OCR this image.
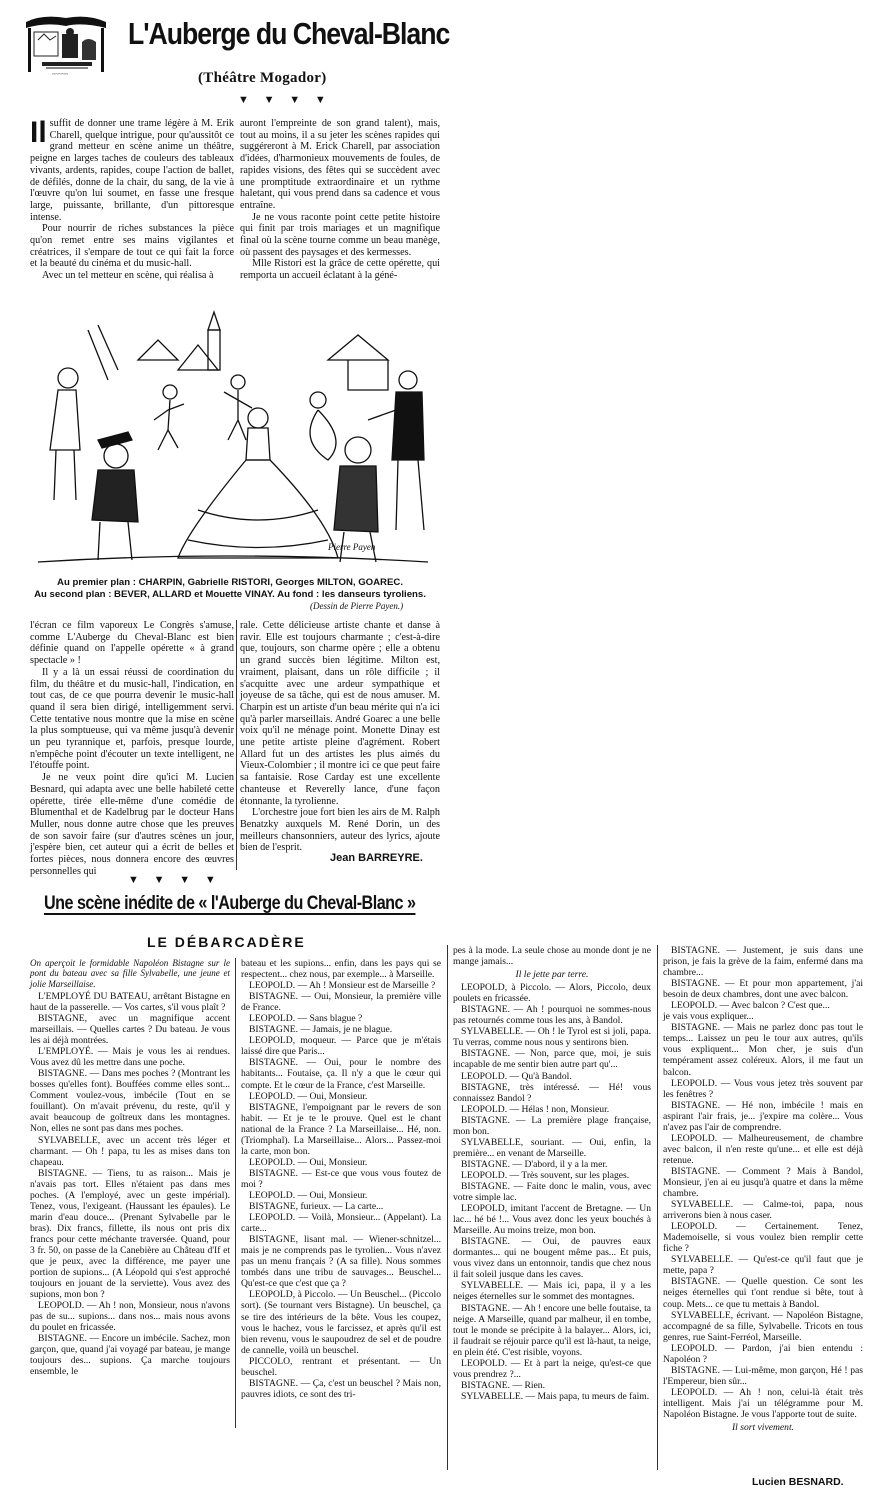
~~~~~
L'Auberge du Cheval-Blanc
(Théâtre Mogador)
▼ ▼ ▼ ▼

Il suffit de donner une trame légère à M. Erik Charell, quelque intrigue, pour qu'aussitôt ce grand metteur en scène anime un théâtre, peigne en larges taches de couleurs des tableaux vivants, ardents, rapides, coupe l'action de ballet, de défilés, donne de la chair, du sang, de la vie à l'œuvre qu'on lui soumet, en fasse une fresque large, puissante, brillante, d'un pittoresque intense.

Pour nourrir de riches substances la pièce qu'on remet entre ses mains vigilantes et créatrices, il s'empare de tout ce qui fait la force et la beauté du cinéma et du music-hall.

Avec un tel metteur en scène, qui réalisa à

auront l'empreinte de son grand talent), mais, tout au moins, il a su jeter les scènes rapides qui suggéreront à M. Erick Charell, par association d'idées, d'harmonieux mouvements de foules, de rapides visions, des fêtes qui se succèdent avec une promptitude extraordinaire et un rythme haletant, qui vous prend dans sa cadence et vous entraîne.

Je ne vous raconte point cette petite histoire qui finit par trois mariages et un magnifique final où la scène tourne comme un beau manège, où passent des paysages et des kermesses.

Mlle Ristori est la grâce de cette opérette, qui remporta un accueil éclatant à la géné-

Pierre Payen
Au premier plan : CHARPIN, Gabrielle RISTORI, Georges MILTON, GOAREC.
Au second plan : BEVER, ALLARD et Mouette VINAY. Au fond : les danseurs tyroliens.
(Dessin de Pierre Payen.)

l'écran ce film vaporeux Le Congrès s'amuse, comme L'Auberge du Cheval-Blanc est bien définie quand on l'appelle opérette « à grand spectacle » !

Il y a là un essai réussi de coordination du film, du théâtre et du music-hall, l'indication, en tout cas, de ce que pourra devenir le music-hall quand il sera bien dirigé, intelligemment servi. Cette tentative nous montre que la mise en scène la plus somptueuse, qui va même jusqu'à devenir un peu tyrannique et, parfois, presque lourde, n'empêche point d'écouter un texte intelligent, ne l'étouffe point.

Je ne veux point dire qu'ici M. Lucien Besnard, qui adapta avec une belle habileté cette opérette, tirée elle-même d'une comédie de Blumenthal et de Kadelbrug par le docteur Hans Muller, nous donne autre chose que les preuves de son savoir faire (sur d'autres scènes un jour, j'espère bien, cet auteur qui a écrit de belles et fortes pièces, nous donnera encore des œuvres personnelles qui

rale. Cette délicieuse artiste chante et danse à ravir. Elle est toujours charmante ; c'est-à-dire que, toujours, son charme opère ; elle a obtenu un grand succès bien légitime. Milton est, vraiment, plaisant, dans un rôle difficile ; il s'acquitte avec une ardeur sympathique et joyeuse de sa tâche, qui est de nous amuser. M. Charpin est un artiste d'un beau mérite qui n'a ici qu'à parler marseillais. André Goarec a une belle voix qu'il ne ménage point. Monette Dinay est une petite artiste pleine d'agrément. Robert Allard fut un des artistes les plus aimés du Vieux-Colombier ; il montre ici ce que peut faire sa fantaisie. Rose Carday est une excellente chanteuse et Reverelly lance, d'une façon étonnante, la tyrolienne.

L'orchestre joue fort bien les airs de M. Ralph Benatzky auxquels M. René Dorin, un des meilleurs chansonniers, auteur des lyrics, ajoute bien de l'esprit.

Jean BARREYRE.
▼ ▼ ▼ ▼
Une scène inédite de « l'Auberge du Cheval-Blanc »
LE DÉBARCADÈRE

On aperçoit le formidable Napoléon Bistagne sur le pont du bateau avec sa fille Sylvabelle, une jeune et jolie Marseillaise.

L'EMPLOYÉ DU BATEAU, arrêtant Bistagne en haut de la passerelle. — Vos cartes, s'il vous plaît ?

BISTAGNE, avec un magnifique accent marseillais. — Quelles cartes ? Du bateau. Je vous les ai déjà montrées.

L'EMPLOYÉ. — Mais je vous les ai rendues. Vous avez dû les mettre dans une poche.

BISTAGNE. — Dans mes poches ? (Montrant les bosses qu'elles font). Bouffées comme elles sont... Comment voulez-vous, imbécile (Tout en se fouillant). On m'avait prévenu, du reste, qu'il y avait beaucoup de goîtreux dans les montagnes. Non, elles ne sont pas dans mes poches.

SYLVABELLE, avec un accent très léger et charmant. — Oh ! papa, tu les as mises dans ton chapeau.

BISTAGNE. — Tiens, tu as raison... Mais je n'avais pas tort. Elles n'étaient pas dans mes poches. (A l'employé, avec un geste impérial). Tenez, vous, l'exigeant. (Haussant les épaules). Le marin d'eau douce... (Prenant Sylvabelle par le bras). Dix francs, fillette, ils nous ont pris dix francs pour cette méchante traversée. Quand, pour 3 fr. 50, on passe de la Canebière au Château d'If et que je peux, avec la différence, me payer une portion de supions... (A Léopold qui s'est approché toujours en jouant de la serviette). Vous avez des supions, mon bon ?

LEOPOLD. — Ah ! non, Monsieur, nous n'avons pas de su... supions... dans nos... mais nous avons du poulet en fricassée.

BISTAGNE. — Encore un imbécile. Sachez, mon garçon, que, quand j'ai voyagé par bateau, je mange toujours des... supions. Ça marche toujours ensemble, le

bateau et les supions... enfin, dans les pays qui se respectent... chez nous, par exemple... à Marseille.

LEOPOLD. — Ah ! Monsieur est de Marseille ?

BISTAGNE. — Oui, Monsieur, la première ville de France.

LEOPOLD. — Sans blague ?

BISTAGNE. — Jamais, je ne blague.

LEOPOLD, moqueur. — Parce que je m'étais laissé dire que Paris...

BISTAGNE. — Oui, pour le nombre des habitants... Foutaise, ça. Il n'y a que le cœur qui compte. Et le cœur de la France, c'est Marseille.

LEOPOLD. — Oui, Monsieur.

BISTAGNE, l'empoignant par le revers de son habit. — Et je te le prouve. Quel est le chant national de la France ? La Marseillaise... Hé, non. (Triomphal). La Marseillaise... Alors... Passez-moi la carte, mon bon.

LEOPOLD. — Oui, Monsieur.

BISTAGNE. — Est-ce que vous vous foutez de moi ?

LEOPOLD. — Oui, Monsieur.

BISTAGNE, furieux. — La carte...

LEOPOLD. — Voilà, Monsieur... (Appelant). La carte...

BISTAGNE, lisant mal. — Wiener-schnitzel... mais je ne comprends pas le tyrolien... Vous n'avez pas un menu français ? (A sa fille). Nous sommes tombés dans une tribu de sauvages... Beuschel... Qu'est-ce que c'est que ça ?

LEOPOLD, à Piccolo. — Un Beuschel... (Piccolo sort). (Se tournant vers Bistagne). Un beuschel, ça se tire des intérieurs de la bête. Vous les coupez, vous le hachez, vous le farcissez, et après qu'il est bien revenu, vous le saupoudrez de sel et de poudre de cannelle, voilà un beuschel.

PICCOLO, rentrant et présentant. — Un beuschel.

BISTAGNE. — Ça, c'est un beuschel ? Mais non, pauvres idiots, ce sont des tri-

pes à la mode. La seule chose au monde dont je ne mange jamais...

Il le jette par terre.

LEOPOLD, à Piccolo. — Alors, Piccolo, deux poulets en fricassée.

BISTAGNE. — Ah ! pourquoi ne sommes-nous pas retournés comme tous les ans, à Bandol.

SYLVABELLE. — Oh ! le Tyrol est si joli, papa. Tu verras, comme nous nous y sentirons bien.

BISTAGNE. — Non, parce que, moi, je suis incapable de me sentir bien autre part qu'...

LEOPOLD. — Qu'à Bandol.

BISTAGNE, très intéressé. — Hé! vous connaissez Bandol ?

LEOPOLD. — Hélas ! non, Monsieur.

BISTAGNE. — La première plage française, mon bon.

SYLVABELLE, souriant. — Oui, enfin, la première... en venant de Marseille.

BISTAGNE. — D'abord, il y a la mer.

LEOPOLD. — Très souvent, sur les plages.

BISTAGNE. — Faite donc le malin, vous, avec votre simple lac.

LEOPOLD, imitant l'accent de Bretagne. — Un lac... hé bé !... Vous avez donc les yeux bouchés à Marseille. Au moins treize, mon bon.

BISTAGNE. — Oui, de pauvres eaux dormantes... qui ne bougent même pas... Et puis, vous vivez dans un entonnoir, tandis que chez nous il fait soleil jusque dans les caves.

SYLVABELLE. — Mais ici, papa, il y a les neiges éternelles sur le sommet des montagnes.

BISTAGNE. — Ah ! encore une belle foutaise, ta neige. A Marseille, quand par malheur, il en tombe, tout le monde se précipite à la balayer... Alors, ici, il faudrait se réjouir parce qu'il est là-haut, ta neige, en plein été. C'est risible, voyons.

LEOPOLD. — Et à part la neige, qu'est-ce que vous prendrez ?...

BISTAGNE. — Rien.

SYLVABELLE. — Mais papa, tu meurs de faim.

BISTAGNE. — Justement, je suis dans une prison, je fais la grève de la faim, enfermé dans ma chambre...

BISTAGNE. — Et pour mon appartement, j'ai besoin de deux chambres, dont une avec balcon.

LEOPOLD. — Avec balcon ? C'est que...

je vais vous expliquer...

BISTAGNE. — Mais ne parlez donc pas tout le temps... Laissez un peu le tour aux autres, qu'ils vous expliquent... Mon cher, je suis d'un tempérament assez coléreux. Alors, il me faut un balcon.

LEOPOLD. — Vous vous jetez très souvent par les fenêtres ?

BISTAGNE. — Hé non, imbécile ! mais en aspirant l'air frais, je... j'expire ma colère... Vous n'avez pas l'air de comprendre.

LEOPOLD. — Malheureusement, de chambre avec balcon, il n'en reste qu'une... et elle est déjà retenue.

BISTAGNE. — Comment ? Mais à Bandol, Monsieur, j'en ai eu jusqu'à quatre et dans la même chambre.

SYLVABELLE. — Calme-toi, papa, nous arriverons bien à nous caser.

LEOPOLD. — Certainement. Tenez, Mademoiselle, si vous voulez bien remplir cette fiche ?

SYLVABELLE. — Qu'est-ce qu'il faut que je mette, papa ?

BISTAGNE. — Quelle question. Ce sont les neiges éternelles qui t'ont rendue si bête, tout à coup. Mets... ce que tu mettais à Bandol.

SYLVABELLE, écrivant. — Napoléon Bistagne, accompagné de sa fille, Sylvabelle. Tricots en tous genres, rue Saint-Ferréol, Marseille.

LEOPOLD. — Pardon, j'ai bien entendu : Napoléon ?

BISTAGNE. — Lui-même, mon garçon, Hé ! pas l'Empereur, bien sûr...

LEOPOLD. — Ah ! non, celui-là était très intelligent. Mais j'ai un télégramme pour M. Napoléon Bistagne. Je vous l'apporte tout de suite.

Il sort vivement.

Lucien BESNARD.
